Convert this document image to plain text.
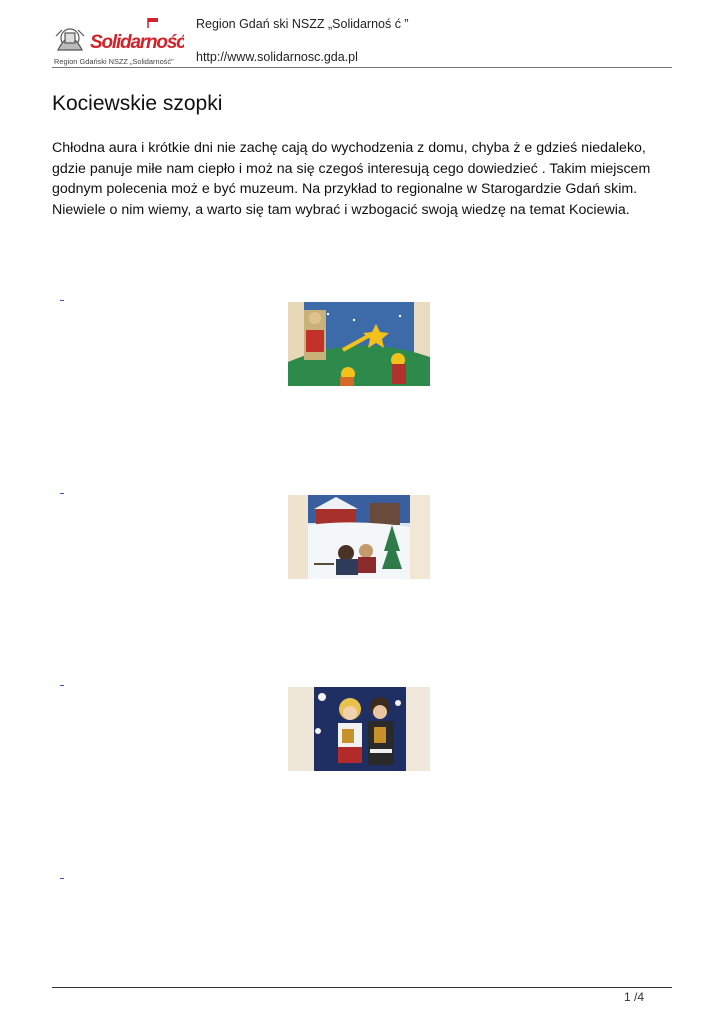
Solidarność
Region Gdański NSZZ „Solidarność”
Region Gdań ski NSZZ „Solidarnoś ć ”
http://www.solidarnosc.gda.pl
Kociewskie szopki

Chłodna aura i krótkie dni nie zachę cają do wychodzenia z domu, chyba ż e gdzieś niedaleko,
gdzie panuje miłe nam ciepło i moż na się czegoś interesują cego dowiedzieć . Takim miejscem
godnym polecenia moż e być muzeum. Na przykład to regionalne w Starogardzie Gdań skim.
Niewiele o nim wiemy, a warto się tam wybrać i wzbogacić swoją wiedzę na temat Kociewia.

1 /4
